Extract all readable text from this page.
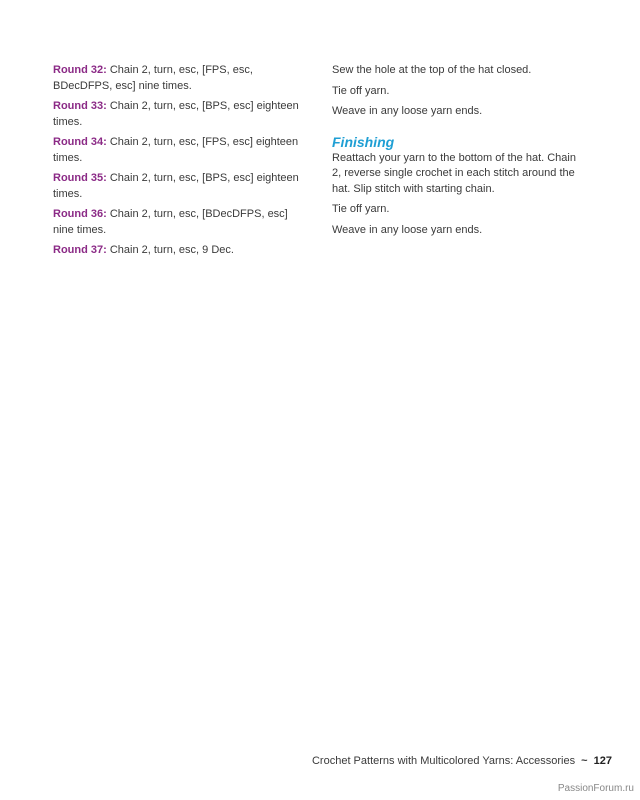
Round 32: Chain 2, turn, esc, [FPS, esc, BDecDFPS, esc] nine times.

Round 33: Chain 2, turn, esc, [BPS, esc] eighteen times.

Round 34: Chain 2, turn, esc, [FPS, esc] eighteen times.

Round 35: Chain 2, turn, esc, [BPS, esc] eighteen times.

Round 36: Chain 2, turn, esc, [BDecDFPS, esc] nine times.

Round 37: Chain 2, turn, esc, 9 Dec.

Sew the hole at the top of the hat closed.

Tie off yarn.

Weave in any loose yarn ends.

Finishing

Reattach your yarn to the bottom of the hat. Chain 2, reverse single crochet in each stitch around the hat. Slip stitch with starting chain.

Tie off yarn.

Weave in any loose yarn ends.

Crochet Patterns with Multicolored Yarns: Accessories ~ 127
PassionForum.ru
